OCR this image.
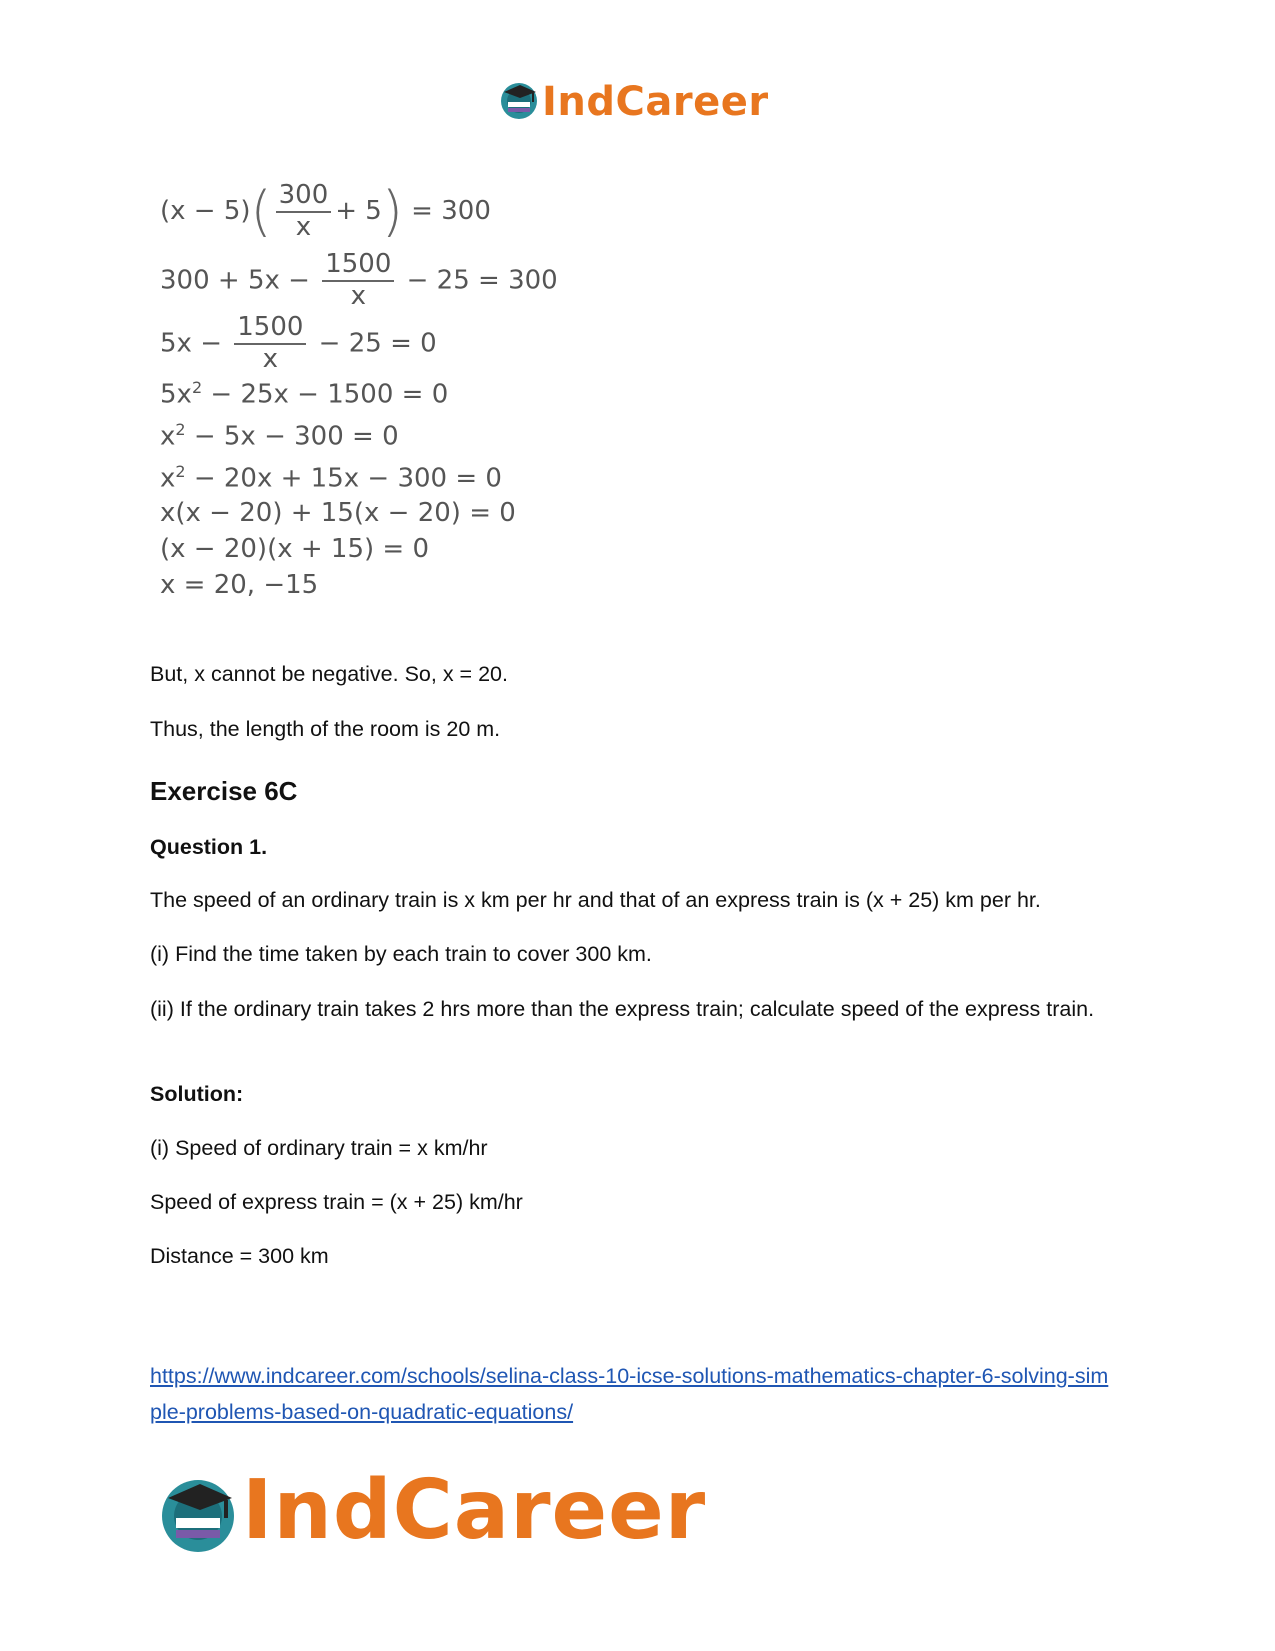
IndCareer
$(x - 5)( \frac{300}{x} + 5) = 300$
$300 + 5x - \frac{1500}{x} - 25 = 300$
$5x - \frac{1500}{x} - 25 = 0$
$5x^2 - 25x - 1500 = 0$
$x^2 - 5x - 300 = 0$
$x^2 - 20x + 15x - 300 = 0$
x(x − 20) + 15(x − 20) = 0
(x − 20)(x + 15) = 0
x = 20, −15
But, x cannot be negative. So, x = 20.
Thus, the length of the room is 20 m.
Exercise 6C
Question 1.
The speed of an ordinary train is x km per hr and that of an express train is (x + 25) km per hr.
(i) Find the time taken by each train to cover 300 km.
(ii) If the ordinary train takes 2 hrs more than the express train; calculate speed of the express train.
Solution:
(i) Speed of ordinary train = x km/hr
Speed of express train = (x + 25) km/hr
Distance = 300 km
https://www.indcareer.com/schools/selina-class-10-icse-solutions-mathematics-chapter-6-solving-simple-problems-based-on-quadratic-equations/
IndCareer
